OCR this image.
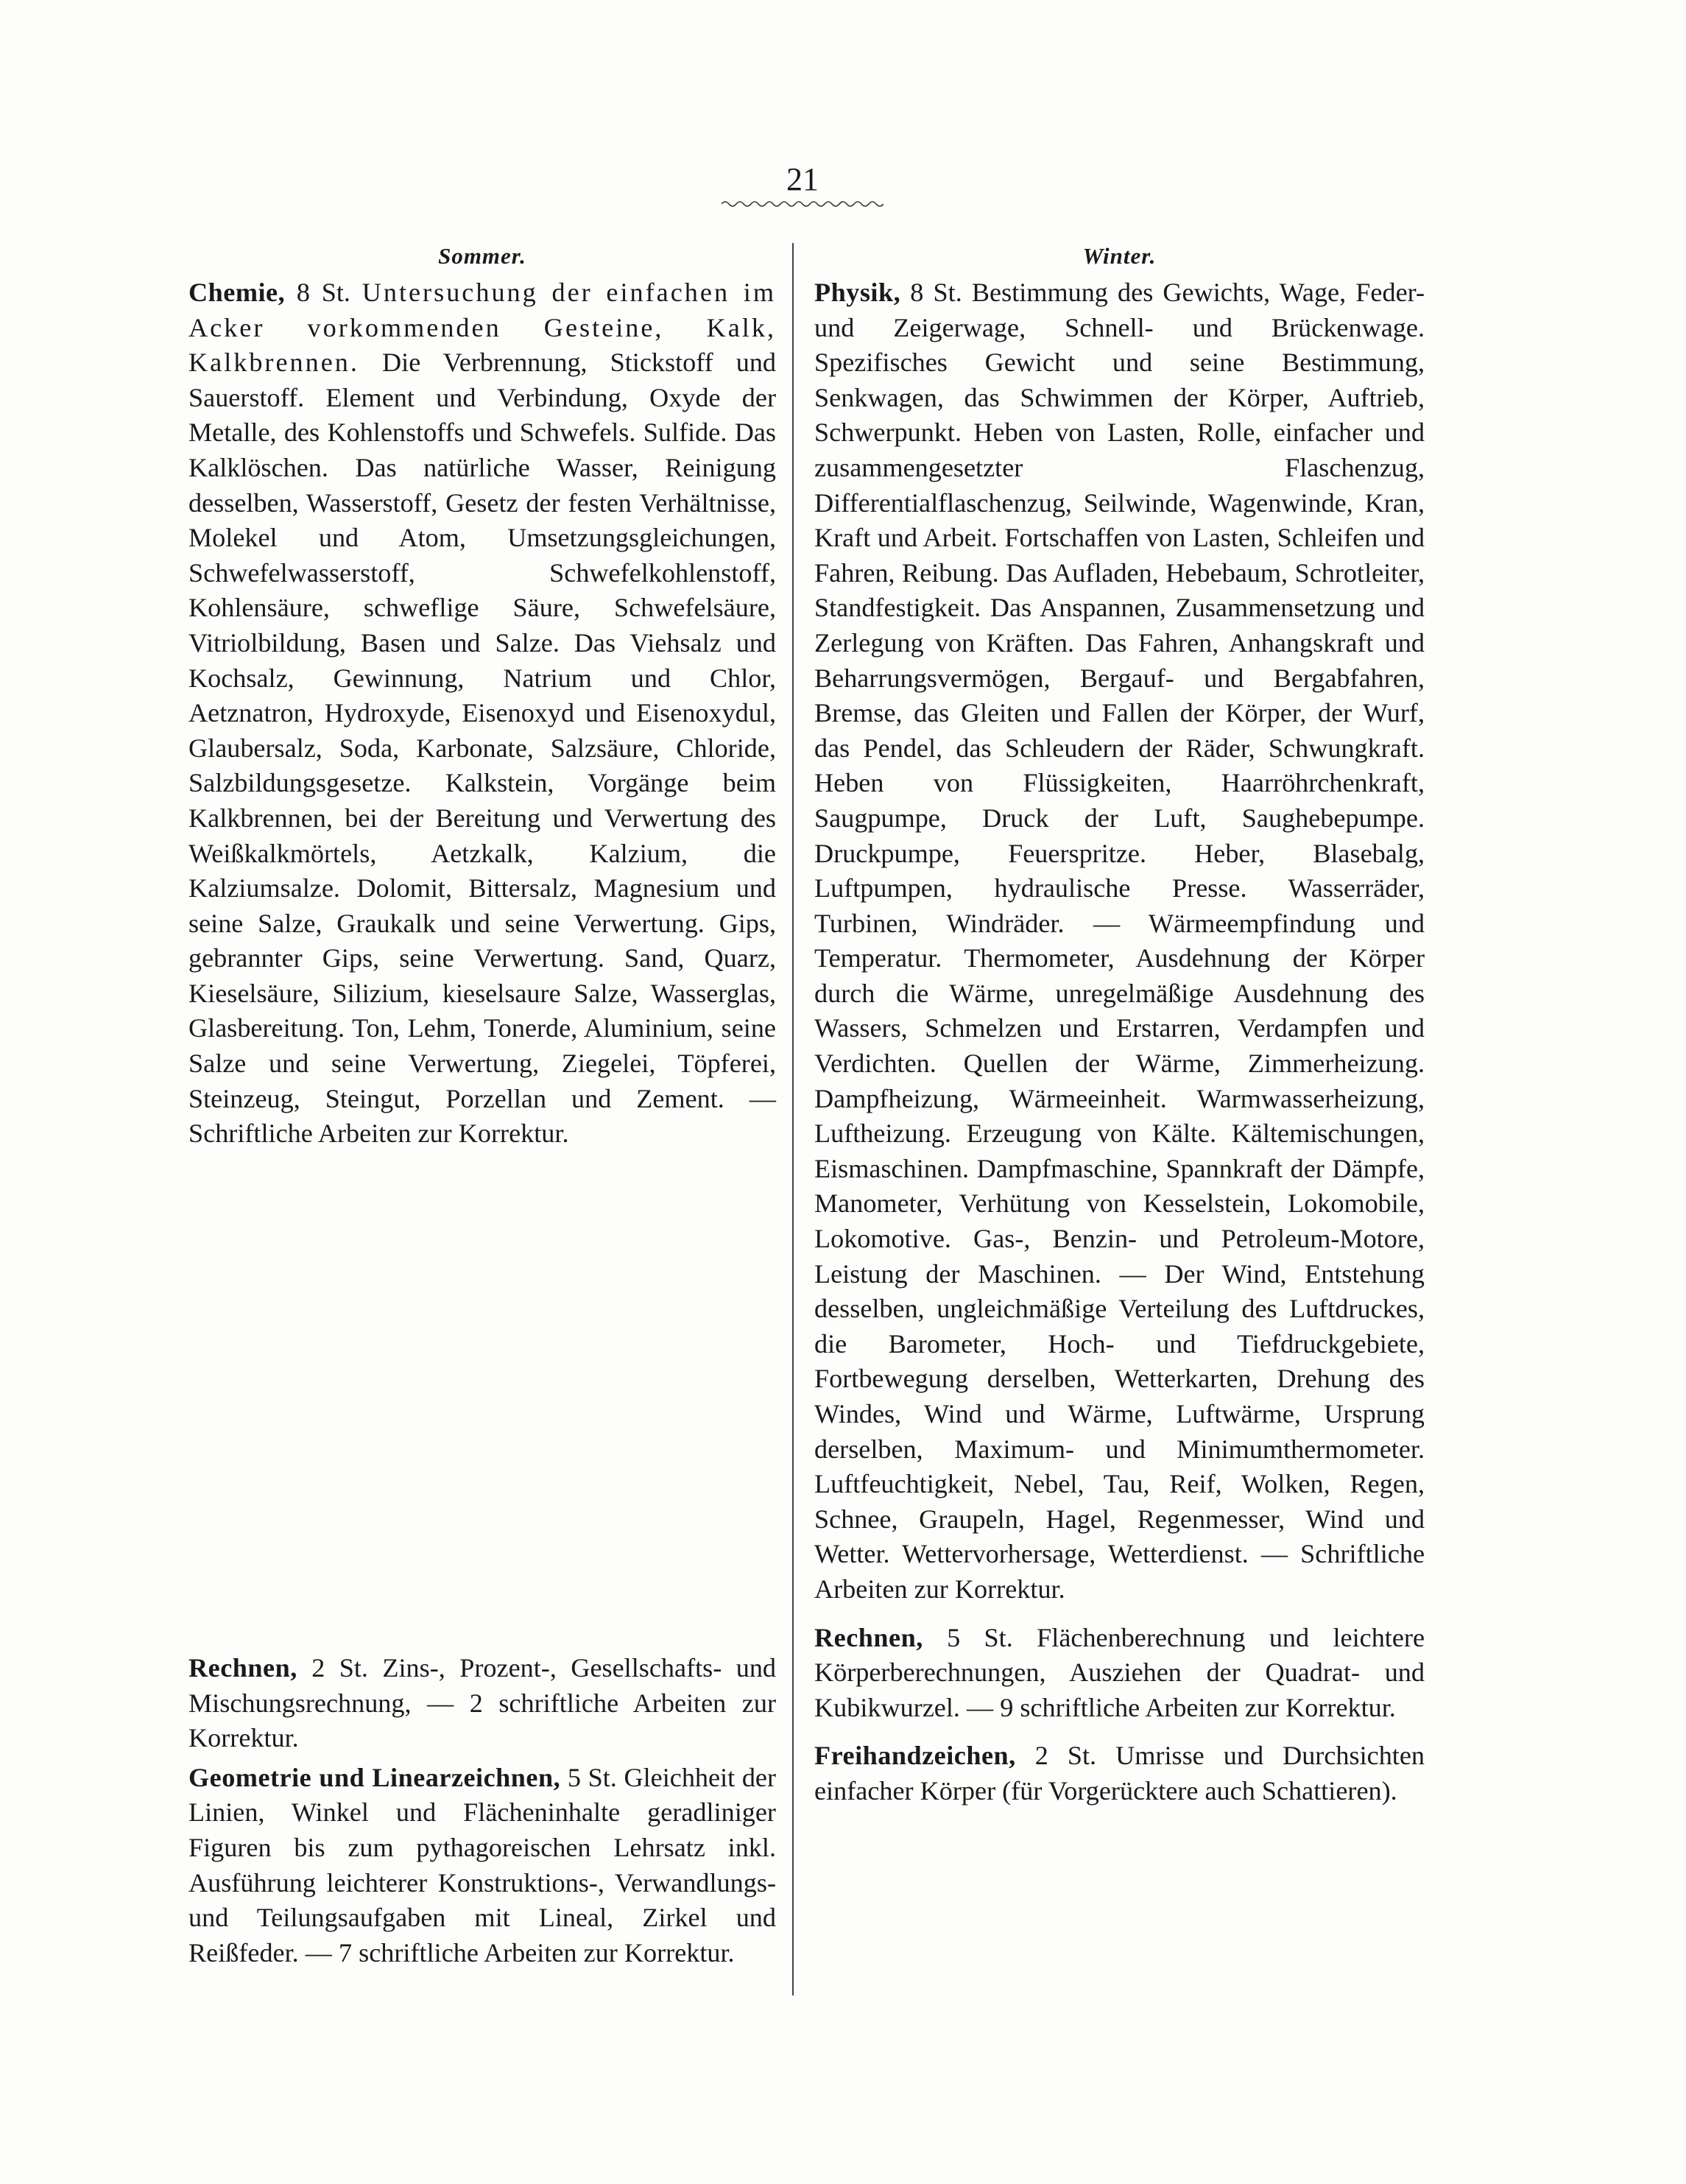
21
Sommer.

Chemie, 8 St. Untersuchung der einfachen im Acker vorkommenden Gesteine, Kalk, Kalkbrennen. Die Verbrennung, Stickstoff und Sauerstoff. Element und Verbindung, Oxyde der Metalle, des Kohlenstoffs und Schwefels. Sulfide. Das Kalklöschen. Das natürliche Wasser, Reinigung desselben, Wasserstoff, Gesetz der festen Verhältnisse, Molekel und Atom, Umsetzungsgleichungen, Schwefelwasserstoff, Schwefelkohlenstoff, Kohlensäure, schweflige Säure, Schwefelsäure, Vitriolbildung, Basen und Salze. Das Viehsalz und Kochsalz, Gewinnung, Natrium und Chlor, Aetznatron, Hydroxyde, Eisenoxyd und Eisenoxydul, Glaubersalz, Soda, Karbonate, Salzsäure, Chloride, Salzbildungsgesetze. Kalkstein, Vorgänge beim Kalkbrennen, bei der Bereitung und Verwertung des Weißkalkmörtels, Aetzkalk, Kalzium, die Kalziumsalze. Dolomit, Bittersalz, Magnesium und seine Salze, Graukalk und seine Verwertung. Gips, gebrannter Gips, seine Verwertung. Sand, Quarz, Kieselsäure, Silizium, kieselsaure Salze, Wasserglas, Glasbereitung. Ton, Lehm, Tonerde, Aluminium, seine Salze und seine Verwertung, Ziegelei, Töpferei, Steinzeug, Steingut, Porzellan und Zement. — Schriftliche Arbeiten zur Korrektur.

Rechnen, 2 St. Zins-, Prozent-, Gesellschafts- und Mischungsrechnung, — 2 schriftliche Arbeiten zur Korrektur.

Geometrie und Linearzeichnen, 5 St. Gleichheit der Linien, Winkel und Flächeninhalte geradliniger Figuren bis zum pythagoreischen Lehrsatz inkl. Ausführung leichterer Konstruktions-, Verwandlungs- und Teilungsaufgaben mit Lineal, Zirkel und Reißfeder. — 7 schriftliche Arbeiten zur Korrektur.

Winter.

Physik, 8 St. Bestimmung des Gewichts, Wage, Feder- und Zeigerwage, Schnell- und Brückenwage. Spezifisches Gewicht und seine Bestimmung, Senkwagen, das Schwimmen der Körper, Auftrieb, Schwerpunkt. Heben von Lasten, Rolle, einfacher und zusammengesetzter Flaschenzug, Differentialflaschenzug, Seilwinde, Wagenwinde, Kran, Kraft und Arbeit. Fortschaffen von Lasten, Schleifen und Fahren, Reibung. Das Aufladen, Hebebaum, Schrotleiter, Standfestigkeit. Das Anspannen, Zusammensetzung und Zerlegung von Kräften. Das Fahren, Anhangskraft und Beharrungsvermögen, Bergauf- und Bergabfahren, Bremse, das Gleiten und Fallen der Körper, der Wurf, das Pendel, das Schleudern der Räder, Schwungkraft. Heben von Flüssigkeiten, Haarröhrchenkraft, Saugpumpe, Druck der Luft, Saughebepumpe. Druckpumpe, Feuerspritze. Heber, Blasebalg, Luftpumpen, hydraulische Presse. Wasserräder, Turbinen, Windräder. — Wärmeempfindung und Temperatur. Thermometer, Ausdehnung der Körper durch die Wärme, unregelmäßige Ausdehnung des Wassers, Schmelzen und Erstarren, Verdampfen und Verdichten. Quellen der Wärme, Zimmerheizung. Dampfheizung, Wärmeeinheit. Warmwasserheizung, Luftheizung. Erzeugung von Kälte. Kältemischungen, Eismaschinen. Dampfmaschine, Spannkraft der Dämpfe, Manometer, Verhütung von Kesselstein, Lokomobile, Lokomotive. Gas-, Benzin- und Petroleum-Motore, Leistung der Maschinen. — Der Wind, Entstehung desselben, ungleichmäßige Verteilung des Luftdruckes, die Barometer, Hoch- und Tiefdruckgebiete, Fortbewegung derselben, Wetterkarten, Drehung des Windes, Wind und Wärme, Luftwärme, Ursprung derselben, Maximum- und Minimumthermometer. Luftfeuchtigkeit, Nebel, Tau, Reif, Wolken, Regen, Schnee, Graupeln, Hagel, Regenmesser, Wind und Wetter. Wettervorhersage, Wetterdienst. — Schriftliche Arbeiten zur Korrektur.

Rechnen, 5 St. Flächenberechnung und leichtere Körperberechnungen, Ausziehen der Quadrat- und Kubikwurzel. — 9 schriftliche Arbeiten zur Korrektur.

Freihandzeichen, 2 St. Umrisse und Durchsichten einfacher Körper (für Vorgerücktere auch Schattieren).
